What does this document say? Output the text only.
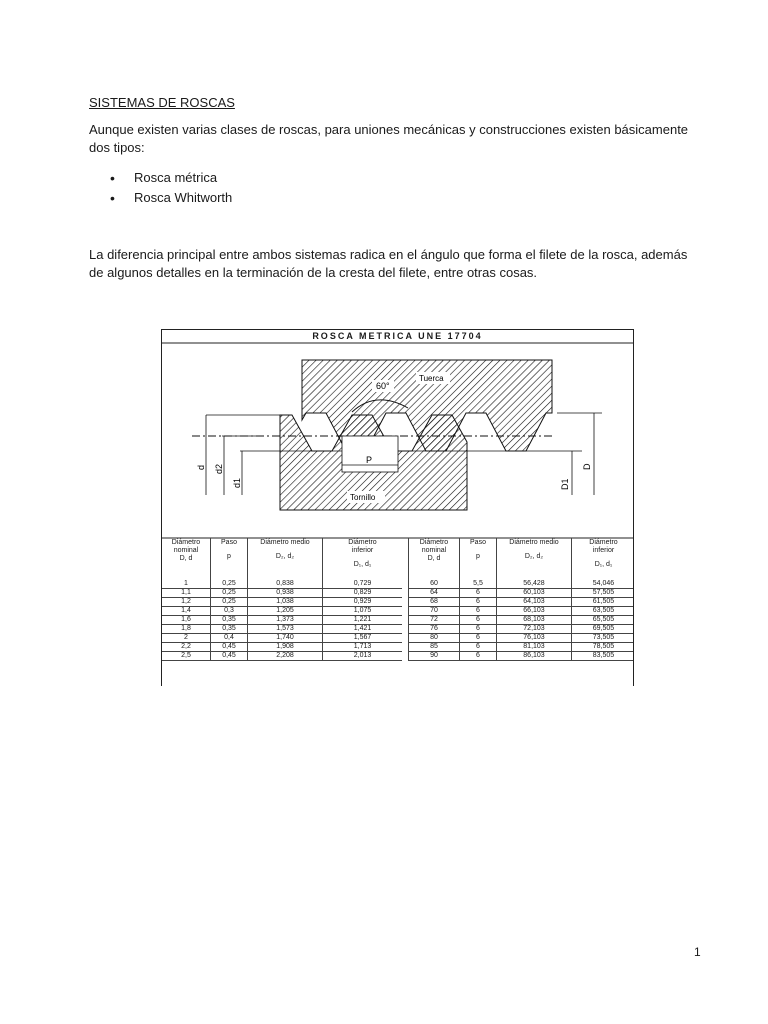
SISTEMAS DE ROSCAS
Aunque existen varias clases de roscas, para uniones mecánicas y construcciones existen básicamente dos tipos:
• Rosca métrica
• Rosca Whitworth
La diferencia principal entre ambos sistemas radica en el ángulo que forma el filete de la rosca, además de algunos detalles en la terminación de la cresta del filete, entre otras cosas.
60°
Tuerca
Tornillo
P
d d2
d1	D1
D
ROSCA METRICA UNE 17704
Diámetro
nominal
D, d	Paso
p	Diámetro medio
D₂, d₂	Diámetro
inferior
D₁, d₁

1	0,25	0,838	0,729
1,1	0,25	0,938	0,829
1,2	0,25	1,038	0,929
1,4	0,3	1,205	1,075
1,6	0,35	1,373	1,221
1,8	0,35	1,573	1,421
2	0,4	1,740	1,567
2,2	0,45	1,908	1,713
2,5	0,45	2,208	2,013
Diámetro
nominal
D, d	Paso
p	Diámetro medio
D₂, d₂	Diámetro
inferior
D₁, d₁

60	5,5	56,428	54,046
64	6	60,103	57,505
68	6	64,103	61,505
70	6	66,103	63,505
72	6	68,103	65,505
76	6	72,103	69,505
80	6	76,103	73,505
85	6	81,103	78,505
90	6	86,103	83,505
1
